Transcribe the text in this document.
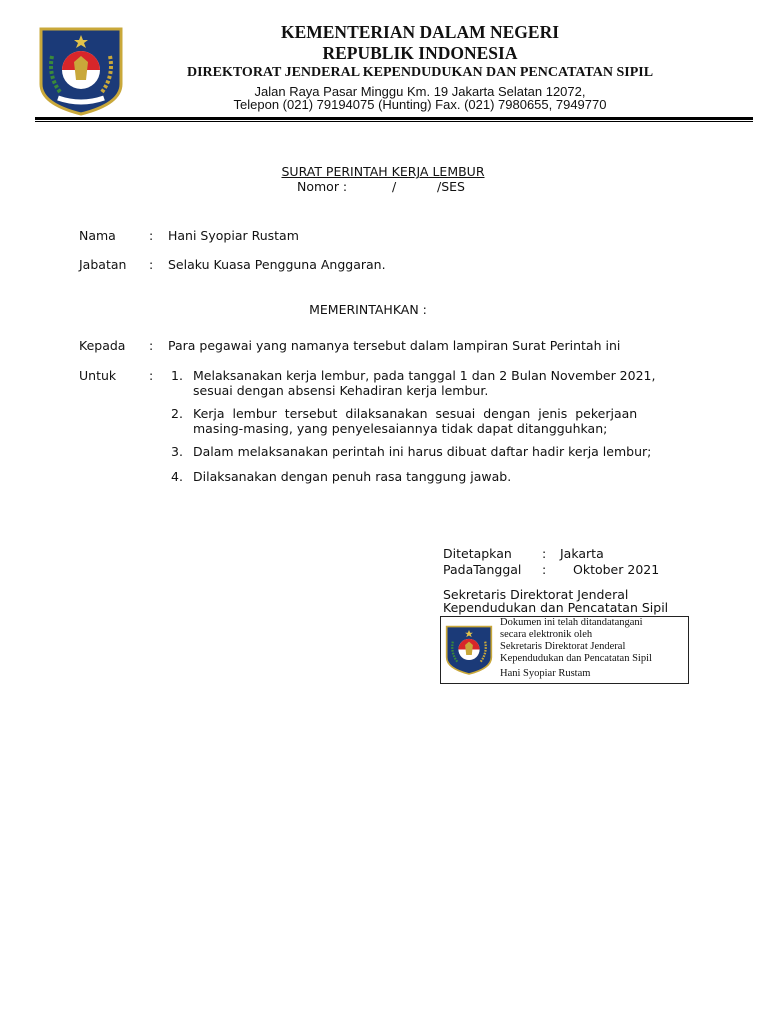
KEMENTERIAN DALAM NEGERI
REPUBLIK INDONESIA
DIREKTORAT JENDERAL KEPENDUDUKAN DAN PENCATATAN SIPIL
Jalan Raya Pasar Minggu Km. 19 Jakarta Selatan 12072,
Telepon (021) 79194075 (Hunting) Fax. (021) 7980655, 7949770
SURAT PERINTAH KERJA LEMBUR
Nomor :	/	/SES
Nama	: Hani Syopiar Rustam
Jabatan : Selaku Kuasa Pengguna Anggaran.
MEMERINTAHKAN :
Kepada : Para pegawai yang namanya tersebut dalam lampiran Surat Perintah ini
Untuk	: 1. Melaksanakan kerja lembur, pada tanggal 1 dan 2 Bulan November 2021,
sesuai dengan absensi Kehadiran kerja lembur.
2. Kerja  lembur  tersebut  dilaksanakan  sesuai  dengan  jenis  pekerjaan
masing-masing, yang penyelesaiannya tidak dapat ditangguhkan;
3. Dalam melaksanakan perintah ini harus dibuat daftar hadir kerja lembur;
4. Dilaksanakan dengan penuh rasa tanggung jawab.
Ditetapkan : Jakarta
PadaTanggal : Oktober 2021
Sekretaris Direktorat Jenderal
Kependudukan dan Pencatatan Sipil
Dokumen ini telah ditandatangani
secara elektronik oleh
Sekretaris Direktorat Jenderal
Kependudukan dan Pencatatan Sipil
Hani Syopiar Rustam
